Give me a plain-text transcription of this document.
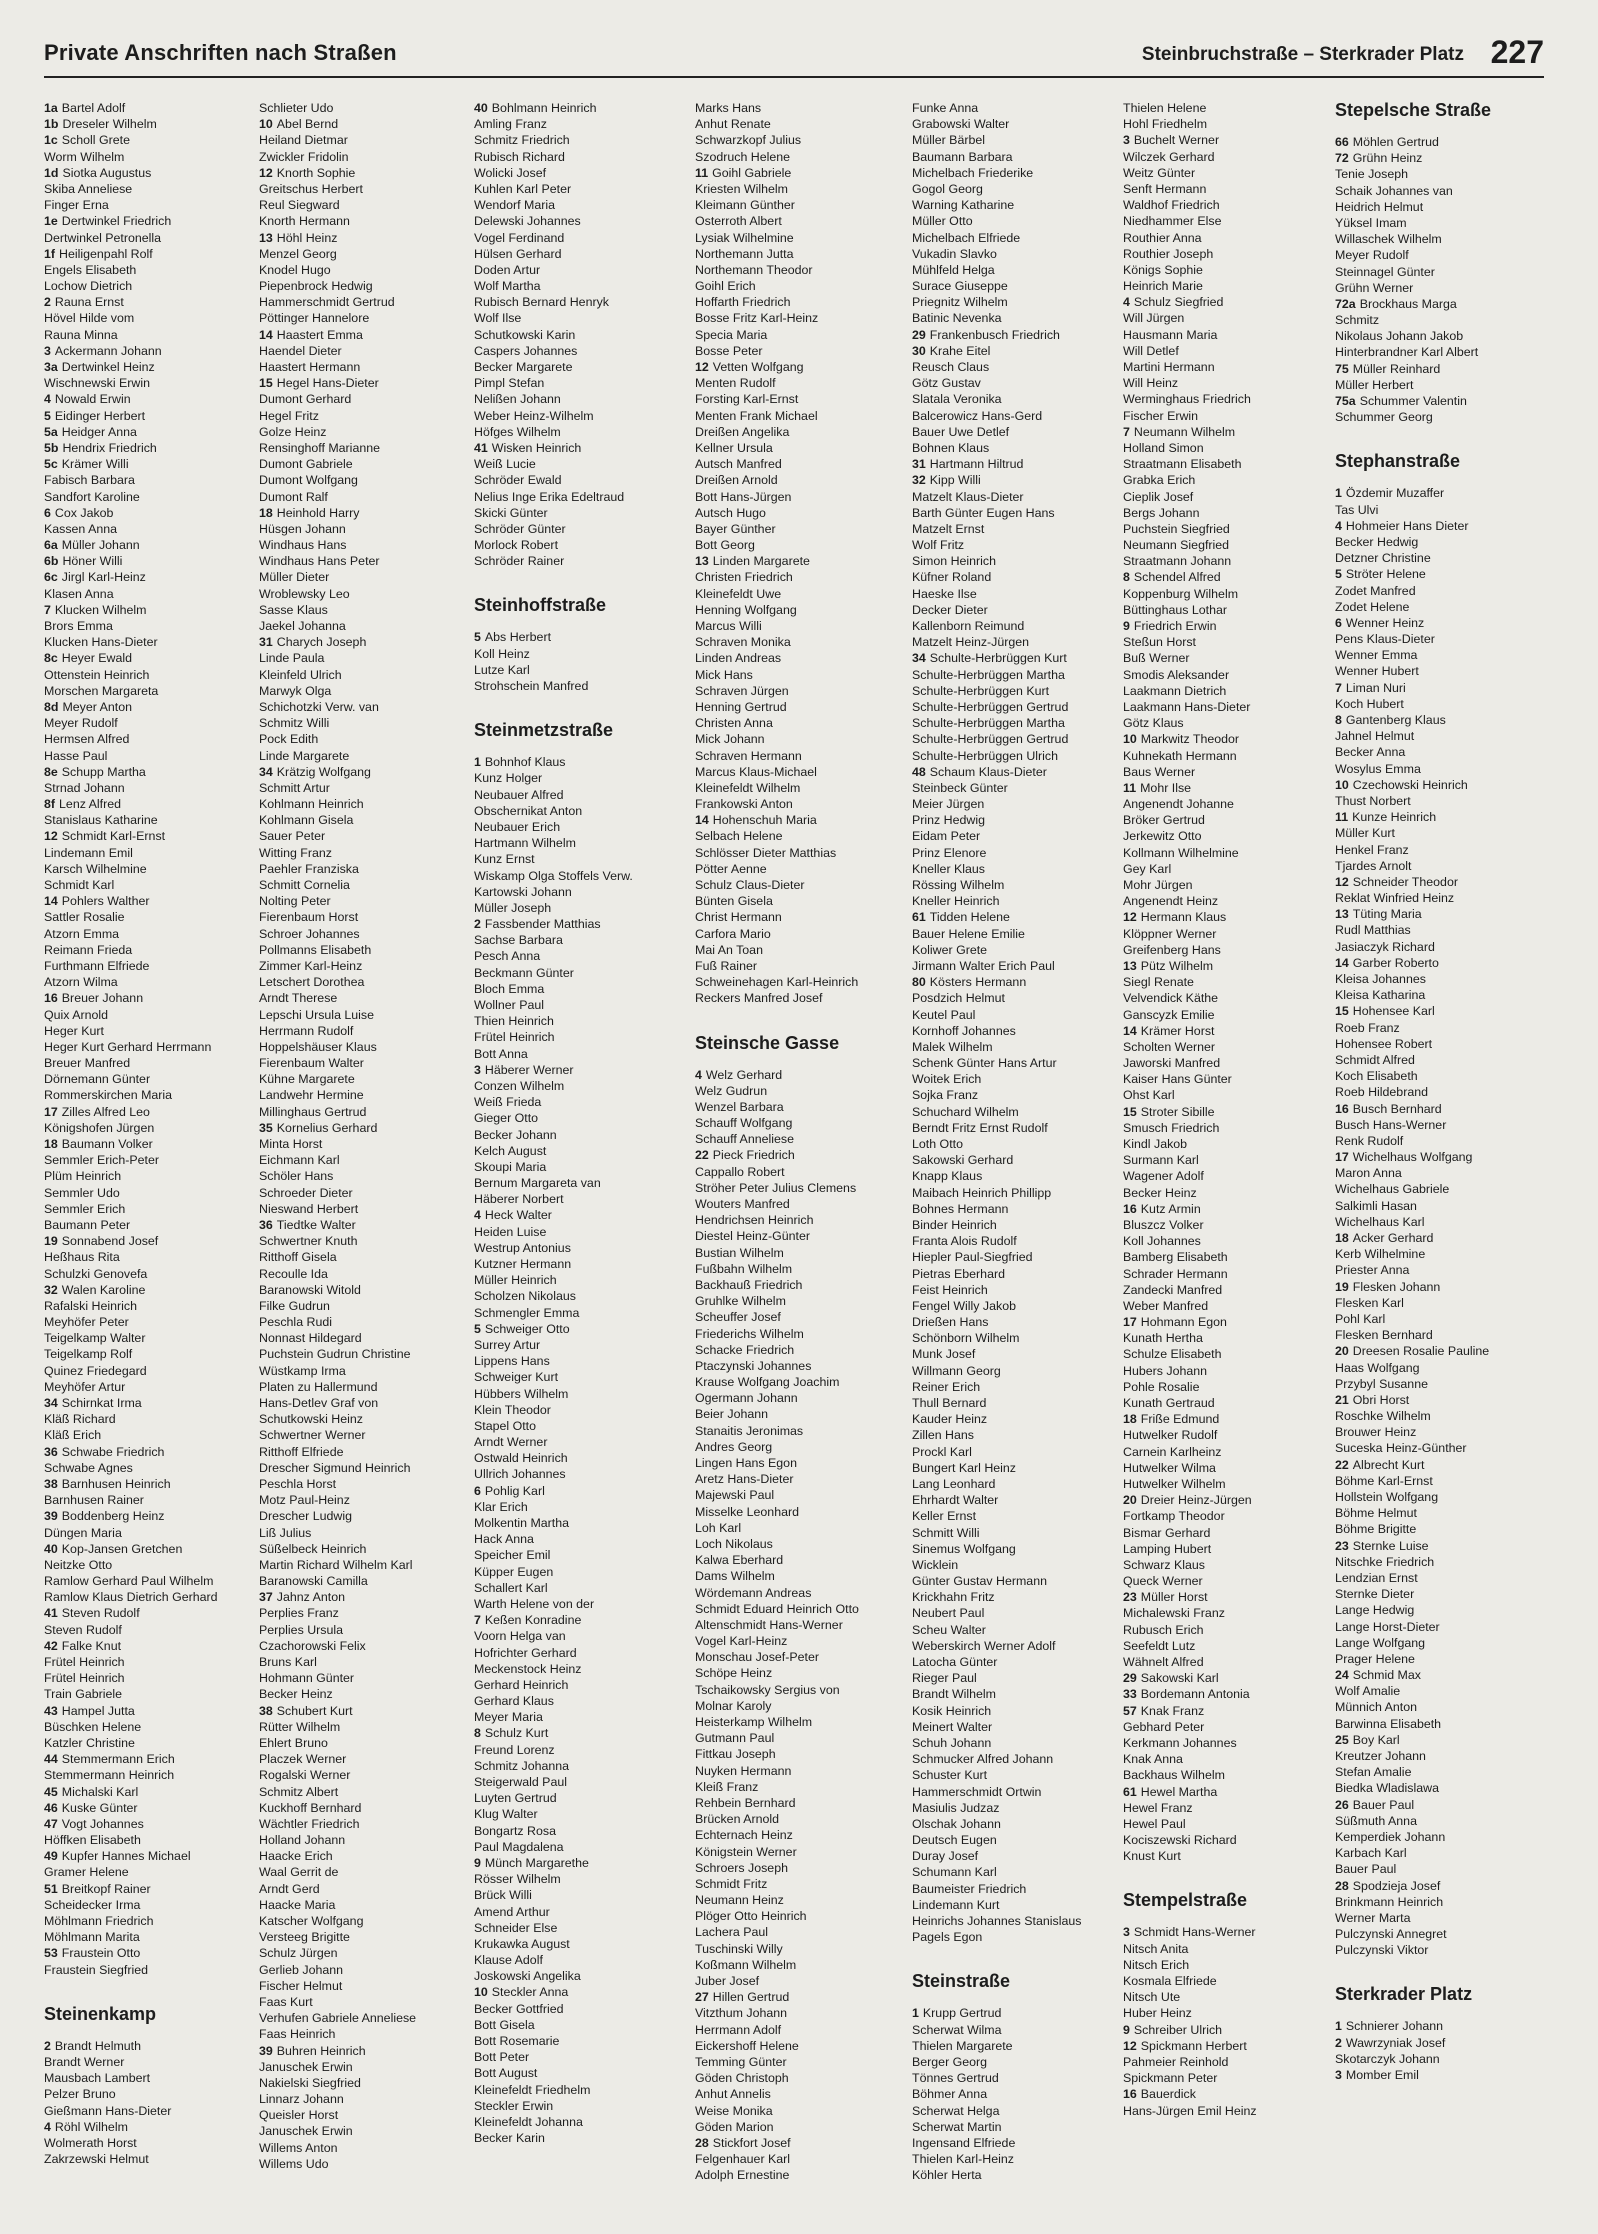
Private Anschriften nach Straßen	Steinbruchstraße – Sterkrader Platz 227
1a Bartel Adolf
1b Dreseler Wilhelm
1c Scholl Grete
Worm Wilhelm
1d Siotka Augustus
Skiba Anneliese
Finger Erna
1e Dertwinkel Friedrich
Dertwinkel Petronella
1f Heiligenpahl Rolf
Engels Elisabeth
Lochow Dietrich
2 Rauna Ernst
Hövel Hilde vom
Rauna Minna
3 Ackermann Johann
3a Dertwinkel Heinz
Wischnewski Erwin
4 Nowald Erwin
5 Eidinger Herbert
5a Heidger Anna
5b Hendrix Friedrich
5c Krämer Willi
Fabisch Barbara
Sandfort Karoline
6 Cox Jakob
Kassen Anna
6a Müller Johann
6b Höner Willi
6c Jirgl Karl-Heinz
Klasen Anna
7 Klucken Wilhelm
Brors Emma
Klucken Hans-Dieter
8c Heyer Ewald
Ottenstein Heinrich
Morschen Margareta
8d Meyer Anton
Meyer Rudolf
Hermsen Alfred
Hasse Paul
8e Schupp Martha
Strnad Johann
8f Lenz Alfred
Stanislaus Katharine
12 Schmidt Karl-Ernst
Lindemann Emil
Karsch Wilhelmine
Schmidt Karl
14 Pohlers Walther
Sattler Rosalie
Atzorn Emma
Reimann Frieda
Furthmann Elfriede
Atzorn Wilma
16 Breuer Johann
Quix Arnold
Heger Kurt
Heger Kurt Gerhard Herrmann
Breuer Manfred
Dörnemann Günter
Rommerskirchen Maria
17 Zilles Alfred Leo
Königshofen Jürgen
18 Baumann Volker
Semmler Erich-Peter
Plüm Heinrich
Semmler Udo
Semmler Erich
Baumann Peter
19 Sonnabend Josef
Heßhaus Rita
Schulzki Genovefa
32 Walen Karoline
Rafalski Heinrich
Meyhöfer Peter
Teigelkamp Walter
Teigelkamp Rolf
Quinez Friedegard
Meyhöfer Artur
34 Schirnkat Irma
Kläß Richard
Kläß Erich
36 Schwabe Friedrich
Schwabe Agnes
38 Barnhusen Heinrich
Barnhusen Rainer
39 Boddenberg Heinz
Düngen Maria
40 Kop-Jansen Gretchen
Neitzke Otto
Ramlow Gerhard Paul Wilhelm
Ramlow Klaus Dietrich Gerhard
41 Steven Rudolf
Steven Rudolf
42 Falke Knut
Frütel Heinrich
Frütel Heinrich
Train Gabriele
43 Hampel Jutta
Büschken Helene
Katzler Christine
44 Stemmermann Erich
Stemmermann Heinrich
45 Michalski Karl
46 Kuske Günter
47 Vogt Johannes
Höffken Elisabeth
49 Kupfer Hannes Michael
Gramer Helene
51 Breitkopf Rainer
Scheidecker Irma
Möhlmann Friedrich
Möhlmann Marita
53 Fraustein Otto
Fraustein Siegfried
Steinenkamp
2 Brandt Helmuth
Brandt Werner
Mausbach Lambert
Pelzer Bruno
Gießmann Hans-Dieter
4 Röhl Wilhelm
Wolmerath Horst
Zakrzewski Helmut
Schlieter Udo
10 Abel Bernd
Heiland Dietmar
Zwickler Fridolin
12 Knorth Sophie
Greitschus Herbert
Reul Siegward
Knorth Hermann
13 Höhl Heinz
Menzel Georg
Knodel Hugo
Piepenbrock Hedwig
Hammerschmidt Gertrud
Pöttinger Hannelore
14 Haastert Emma
Haendel Dieter
Haastert Hermann
15 Hegel Hans-Dieter
Dumont Gerhard
Hegel Fritz
Golze Heinz
Rensinghoff Marianne
Dumont Gabriele
Dumont Wolfgang
Dumont Ralf
18 Heinhold Harry
Hüsgen Johann
Windhaus Hans
Windhaus Hans Peter
Müller Dieter
Wroblewsky Leo
Sasse Klaus
Jaekel Johanna
31 Charych Joseph
Linde Paula
Kleinfeld Ulrich
Marwyk Olga
Schichotzki Verw. van
Schmitz Willi
Pock Edith
Linde Margarete
34 Krätzig Wolfgang
Schmitt Artur
Kohlmann Heinrich
Kohlmann Gisela
Sauer Peter
Witting Franz
Paehler Franziska
Schmitt Cornelia
Nolting Peter
Fierenbaum Horst
Schroer Johannes
Pollmanns Elisabeth
Zimmer Karl-Heinz
Letschert Dorothea
Arndt Therese
Lepschi Ursula Luise
Herrmann Rudolf
Hoppelshäuser Klaus
Fierenbaum Walter
Kühne Margarete
Landwehr Hermine
Millinghaus Gertrud
35 Kornelius Gerhard
Minta Horst
Eichmann Karl
Schöler Hans
Schroeder Dieter
Nieswand Herbert
36 Tiedtke Walter
Schwertner Knuth
Ritthoff Gisela
Recoulle Ida
Baranowski Witold
Filke Gudrun
Peschla Rudi
Nonnast Hildegard
Puchstein Gudrun Christine
Wüstkamp Irma
Platen zu Hallermund
Hans-Detlev Graf von
Schutkowski Heinz
Schwertner Werner
Ritthoff Elfriede
Drescher Sigmund Heinrich
Peschla Horst
Motz Paul-Heinz
Drescher Ludwig
Liß Julius
Süßelbeck Heinrich
Martin Richard Wilhelm Karl
Baranowski Camilla
37 Jahnz Anton
Perplies Franz
Perplies Ursula
Czachorowski Felix
Bruns Karl
Hohmann Günter
Becker Heinz
38 Schubert Kurt
Rütter Wilhelm
Ehlert Bruno
Placzek Werner
Rogalski Werner
Schmitz Albert
Kuckhoff Bernhard
Wächtler Friedrich
Holland Johann
Haacke Erich
Waal Gerrit de
Arndt Gerd
Haacke Maria
Katscher Wolfgang
Versteeg Brigitte
Schulz Jürgen
Gerlieb Johann
Fischer Helmut
Faas Kurt
Verhufen Gabriele Anneliese
Faas Heinrich
39 Buhren Heinrich
Januschek Erwin
Nakielski Siegfried
Linnarz Johann
Queisler Horst
Januschek Erwin
Willems Anton
Willems Udo
40 Bohlmann Heinrich
Amling Franz
Schmitz Friedrich
Rubisch Richard
Wolicki Josef
Kuhlen Karl Peter
Wendorf Maria
Delewski Johannes
Vogel Ferdinand
Hülsen Gerhard
Doden Artur
Wolf Martha
Rubisch Bernard Henryk
Wolf Ilse
Schutkowski Karin
Caspers Johannes
Becker Margarete
Pimpl Stefan
Nelißen Johann
Weber Heinz-Wilhelm
Höfges Wilhelm
41 Wisken Heinrich
Weiß Lucie
Schröder Ewald
Nelius Inge Erika Edeltraud
Skicki Günter
Schröder Günter
Morlock Robert
Schröder Rainer
Steinhoffstraße
5 Abs Herbert
Koll Heinz
Lutze Karl
Strohschein Manfred
Steinmetzstraße
1 Bohnhof Klaus
Kunz Holger
Neubauer Alfred
Obschernikat Anton
Neubauer Erich
Hartmann Wilhelm
Kunz Ernst
Wiskamp Olga Stoffels Verw.
Kartowski Johann
Müller Joseph
2 Fassbender Matthias
Sachse Barbara
Pesch Anna
Beckmann Günter
Bloch Emma
Wollner Paul
Thien Heinrich
Frütel Heinrich
Bott Anna
3 Häberer Werner
Conzen Wilhelm
Weiß Frieda
Gieger Otto
Becker Johann
Kelch August
Skoupi Maria
Bernum Margareta van
Häberer Norbert
4 Heck Walter
Heiden Luise
Westrup Antonius
Kutzner Hermann
Müller Heinrich
Scholzen Nikolaus
Schmengler Emma
5 Schweiger Otto
Surrey Artur
Lippens Hans
Schweiger Kurt
Hübbers Wilhelm
Klein Theodor
Stapel Otto
Arndt Werner
Ostwald Heinrich
Ullrich Johannes
6 Pohlig Karl
Klar Erich
Molkentin Martha
Hack Anna
Speicher Emil
Küpper Eugen
Schallert Karl
Warth Helene von der
7 Keßen Konradine
Voorn Helga van
Hofrichter Gerhard
Meckenstock Heinz
Gerhard Heinrich
Gerhard Klaus
Meyer Maria
8 Schulz Kurt
Freund Lorenz
Schmitz Johanna
Steigerwald Paul
Luyten Gertrud
Klug Walter
Bongartz Rosa
Paul Magdalena
9 Münch Margarethe
Rösser Wilhelm
Brück Willi
Amend Arthur
Schneider Else
Krukawka August
Klause Adolf
Joskowski Angelika
10 Steckler Anna
Becker Gottfried
Bott Gisela
Bott Rosemarie
Bott Peter
Bott August
Kleinefeldt Friedhelm
Steckler Erwin
Kleinefeldt Johanna
Becker Karin
Marks Hans
Anhut Renate
Schwarzkopf Julius
Szodruch Helene
11 Goihl Gabriele
Kriesten Wilhelm
Kleimann Günther
Osterroth Albert
Lysiak Wilhelmine
Northemann Jutta
Northemann Theodor
Goihl Erich
Hoffarth Friedrich
Bosse Fritz Karl-Heinz
Specia Maria
Bosse Peter
12 Vetten Wolfgang
Menten Rudolf
Forsting Karl-Ernst
Menten Frank Michael
Dreißen Angelika
Kellner Ursula
Autsch Manfred
Dreißen Arnold
Bott Hans-Jürgen
Autsch Hugo
Bayer Günther
Bott Georg
13 Linden Margarete
Christen Friedrich
Kleinefeldt Uwe
Henning Wolfgang
Marcus Willi
Schraven Monika
Linden Andreas
Mick Hans
Schraven Jürgen
Henning Gertrud
Christen Anna
Mick Johann
Schraven Hermann
Marcus Klaus-Michael
Kleinefeldt Wilhelm
Frankowski Anton
14 Hohenschuh Maria
Selbach Helene
Schlösser Dieter Matthias
Pötter Aenne
Schulz Claus-Dieter
Bünten Gisela
Christ Hermann
Carfora Mario
Mai An Toan
Fuß Rainer
Schweinehagen Karl-Heinrich
Reckers Manfred Josef
Steinsche Gasse
4 Welz Gerhard
Welz Gudrun
Wenzel Barbara
Schauff Wolfgang
Schauff Anneliese
22 Pieck Friedrich
Cappallo Robert
Ströher Peter Julius Clemens
Wouters Manfred
Hendrichsen Heinrich
Diestel Heinz-Günter
Bustian Wilhelm
Fußbahn Wilhelm
Backhauß Friedrich
Gruhlke Wilhelm
Scheuffer Josef
Friederichs Wilhelm
Schacke Friedrich
Ptaczynski Johannes
Krause Wolfgang Joachim
Ogermann Johann
Beier Johann
Stanaitis Jeronimas
Andres Georg
Lingen Hans Egon
Aretz Hans-Dieter
Majewski Paul
Misselke Leonhard
Loh Karl
Loch Nikolaus
Kalwa Eberhard
Dams Wilhelm
Wördemann Andreas
Schmidt Eduard Heinrich Otto
Altenschmidt Hans-Werner
Vogel Karl-Heinz
Monschau Josef-Peter
Schöpe Heinz
Tschaikowsky Sergius von
Molnar Karoly
Heisterkamp Wilhelm
Gutmann Paul
Fittkau Joseph
Nuyken Hermann
Kleiß Franz
Rehbein Bernhard
Brücken Arnold
Echternach Heinz
Königstein Werner
Schroers Joseph
Schmidt Fritz
Neumann Heinz
Plöger Otto Heinrich
Lachera Paul
Tuschinski Willy
Koßmann Wilhelm
Juber Josef
27 Hillen Gertrud
Vitzthum Johann
Herrmann Adolf
Eickershoff Helene
Temming Günter
Göden Christoph
Anhut Annelis
Weise Monika
Göden Marion
28 Stickfort Josef
Felgenhauer Karl
Adolph Ernestine
Funke Anna
Grabowski Walter
Müller Bärbel
Baumann Barbara
Michelbach Friederike
Gogol Georg
Warning Katharine
Müller Otto
Michelbach Elfriede
Vukadin Slavko
Mühlfeld Helga
Surace Giuseppe
Priegnitz Wilhelm
Batinic Nevenka
29 Frankenbusch Friedrich
30 Krahe Eitel
Reusch Claus
Götz Gustav
Slatala Veronika
Balcerowicz Hans-Gerd
Bauer Uwe Detlef
Bohnen Klaus
31 Hartmann Hiltrud
32 Kipp Willi
Matzelt Klaus-Dieter
Barth Günter Eugen Hans
Matzelt Ernst
Wolf Fritz
Simon Heinrich
Küfner Roland
Haeske Ilse
Decker Dieter
Kallenborn Reimund
Matzelt Heinz-Jürgen
34 Schulte-Herbrüggen Kurt
Schulte-Herbrüggen Martha
Schulte-Herbrüggen Kurt
Schulte-Herbrüggen Gertrud
Schulte-Herbrüggen Martha
Schulte-Herbrüggen Gertrud
Schulte-Herbrüggen Ulrich
48 Schaum Klaus-Dieter
Steinbeck Günter
Meier Jürgen
Prinz Hedwig
Eidam Peter
Prinz Elenore
Kneller Klaus
Rössing Wilhelm
Kneller Heinrich
61 Tidden Helene
Bauer Helene Emilie
Koliwer Grete
Jirmann Walter Erich Paul
80 Kösters Hermann
Posdzich Helmut
Keutel Paul
Kornhoff Johannes
Malek Wilhelm
Schenk Günter Hans Artur
Woitek Erich
Sojka Franz
Schuchard Wilhelm
Berndt Fritz Ernst Rudolf
Loth Otto
Sakowski Gerhard
Knapp Klaus
Maibach Heinrich Phillipp
Bohnes Hermann
Binder Heinrich
Franta Alois Rudolf
Hiepler Paul-Siegfried
Pietras Eberhard
Feist Heinrich
Fengel Willy Jakob
Drießen Hans
Schönborn Wilhelm
Munk Josef
Willmann Georg
Reiner Erich
Thull Bernard
Kauder Heinz
Zillen Hans
Prockl Karl
Bungert Karl Heinz
Lang Leonhard
Ehrhardt Walter
Keller Ernst
Schmitt Willi
Sinemus Wolfgang
Wicklein
Günter Gustav Hermann
Krickhahn Fritz
Neubert Paul
Scheu Walter
Weberskirch Werner Adolf
Latocha Günter
Rieger Paul
Brandt Wilhelm
Kosik Heinrich
Meinert Walter
Schuh Johann
Schmucker Alfred Johann
Schuster Kurt
Hammerschmidt Ortwin
Masiulis Judzaz
Olschak Johann
Deutsch Eugen
Duray Josef
Schumann Karl
Baumeister Friedrich
Lindemann Kurt
Heinrichs Johannes Stanislaus
Pagels Egon
Steinstraße
1 Krupp Gertrud
Scherwat Wilma
Thielen Margarete
Berger Georg
Tönnes Gertrud
Böhmer Anna
Scherwat Helga
Scherwat Martin
Ingensand Elfriede
Thielen Karl-Heinz
Köhler Herta
Thielen Helene
Hohl Friedhelm
3 Buchelt Werner
Wilczek Gerhard
Weitz Günter
Senft Hermann
Waldhof Friedrich
Niedhammer Else
Routhier Anna
Routhier Joseph
Königs Sophie
Heinrich Marie
4 Schulz Siegfried
Will Jürgen
Hausmann Maria
Will Detlef
Martini Hermann
Will Heinz
Werminghaus Friedrich
Fischer Erwin
7 Neumann Wilhelm
Holland Simon
Straatmann Elisabeth
Grabka Erich
Cieplik Josef
Bergs Johann
Puchstein Siegfried
Neumann Siegfried
Straatmann Johann
8 Schendel Alfred
Koppenburg Wilhelm
Büttinghaus Lothar
9 Friedrich Erwin
Steßun Horst
Buß Werner
Smodis Aleksander
Laakmann Dietrich
Laakmann Hans-Dieter
Götz Klaus
10 Markwitz Theodor
Kuhnekath Hermann
Baus Werner
11 Mohr Ilse
Angenendt Johanne
Bröker Gertrud
Jerkewitz Otto
Kollmann Wilhelmine
Gey Karl
Mohr Jürgen
Angenendt Heinz
12 Hermann Klaus
Klöppner Werner
Greifenberg Hans
13 Pütz Wilhelm
Siegl Renate
Velvendick Käthe
Ganscyzk Emilie
14 Krämer Horst
Scholten Werner
Jaworski Manfred
Kaiser Hans Günter
Ohst Karl
15 Stroter Sibille
Smusch Friedrich
Kindl Jakob
Surmann Karl
Wagener Adolf
Becker Heinz
16 Kutz Armin
Bluszcz Volker
Koll Johannes
Bamberg Elisabeth
Schrader Hermann
Zandecki Manfred
Weber Manfred
17 Hohmann Egon
Kunath Hertha
Schulze Elisabeth
Hubers Johann
Pohle Rosalie
Kunath Gertraud
18 Friße Edmund
Hutwelker Rudolf
Carnein Karlheinz
Hutwelker Wilma
Hutwelker Wilhelm
20 Dreier Heinz-Jürgen
Fortkamp Theodor
Bismar Gerhard
Lamping Hubert
Schwarz Klaus
Queck Werner
23 Müller Horst
Michalewski Franz
Rubusch Erich
Seefeldt Lutz
Wähnelt Alfred
29 Sakowski Karl
33 Bordemann Antonia
57 Knak Franz
Gebhard Peter
Kerkmann Johannes
Knak Anna
Backhaus Wilhelm
61 Hewel Martha
Hewel Franz
Hewel Paul
Kociszewski Richard
Knust Kurt
Stempelstraße
3 Schmidt Hans-Werner
Nitsch Anita
Nitsch Erich
Kosmala Elfriede
Nitsch Ute
Huber Heinz
9 Schreiber Ulrich
12 Spickmann Herbert
Pahmeier Reinhold
Spickmann Peter
16 Bauerdick
Hans-Jürgen Emil Heinz
Stepelsche Straße
66 Möhlen Gertrud
72 Grühn Heinz
Tenie Joseph
Schaik Johannes van
Heidrich Helmut
Yüksel Imam
Willaschek Wilhelm
Meyer Rudolf
Steinnagel Günter
Grühn Werner
72a Brockhaus Marga
Schmitz
Nikolaus Johann Jakob
Hinterbrandner Karl Albert
75 Müller Reinhard
Müller Herbert
75a Schummer Valentin
Schummer Georg
Stephanstraße
1 Özdemir Muzaffer
Tas Ulvi
4 Hohmeier Hans Dieter
Becker Hedwig
Detzner Christine
5 Ströter Helene
Zodet Manfred
Zodet Helene
6 Wenner Heinz
Pens Klaus-Dieter
Wenner Emma
Wenner Hubert
7 Liman Nuri
Koch Hubert
8 Gantenberg Klaus
Jahnel Helmut
Becker Anna
Wosylus Emma
10 Czechowski Heinrich
Thust Norbert
11 Kunze Heinrich
Müller Kurt
Henkel Franz
Tjardes Arnolt
12 Schneider Theodor
Reklat Winfried Heinz
13 Tüting Maria
Rudl Matthias
Jasiaczyk Richard
14 Garber Roberto
Kleisa Johannes
Kleisa Katharina
15 Hohensee Karl
Roeb Franz
Hohensee Robert
Schmidt Alfred
Koch Elisabeth
Roeb Hildebrand
16 Busch Bernhard
Busch Hans-Werner
Renk Rudolf
17 Wichelhaus Wolfgang
Maron Anna
Wichelhaus Gabriele
Salkimli Hasan
Wichelhaus Karl
18 Acker Gerhard
Kerb Wilhelmine
Priester Anna
19 Flesken Johann
Flesken Karl
Pohl Karl
Flesken Bernhard
20 Dreesen Rosalie Pauline
Haas Wolfgang
Przybyl Susanne
21 Obri Horst
Roschke Wilhelm
Brouwer Heinz
Suceska Heinz-Günther
22 Albrecht Kurt
Böhme Karl-Ernst
Hollstein Wolfgang
Böhme Helmut
Böhme Brigitte
23 Sternke Luise
Nitschke Friedrich
Lendzian Ernst
Sternke Dieter
Lange Hedwig
Lange Horst-Dieter
Lange Wolfgang
Prager Helene
24 Schmid Max
Wolf Amalie
Münnich Anton
Barwinna Elisabeth
25 Boy Karl
Kreutzer Johann
Stefan Amalie
Biedka Wladislawa
26 Bauer Paul
Süßmuth Anna
Kemperdiek Johann
Karbach Karl
Bauer Paul
28 Spodzieja Josef
Brinkmann Heinrich
Werner Marta
Pulczynski Annegret
Pulczynski Viktor
Sterkrader Platz
1 Schnierer Johann
2 Wawrzyniak Josef
Skotarczyk Johann
3 Momber Emil
